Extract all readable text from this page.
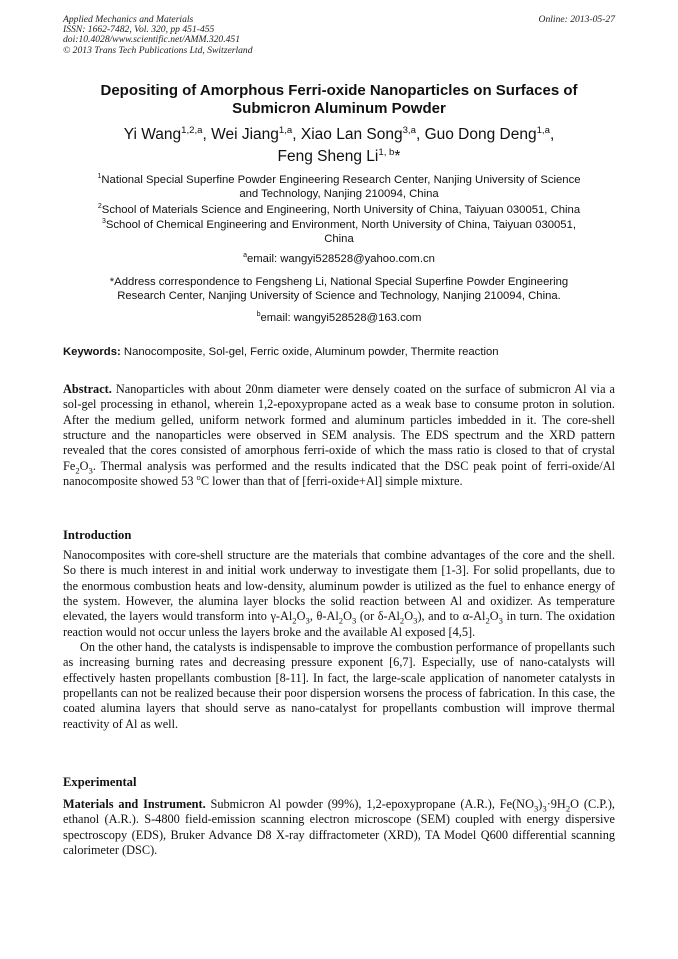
Applied Mechanics and Materials
ISSN: 1662-7482, Vol. 320, pp 451-455
doi:10.4028/www.scientific.net/AMM.320.451
© 2013 Trans Tech Publications Ltd, Switzerland
Online: 2013-05-27
Depositing of Amorphous Ferri-oxide Nanoparticles on Surfaces of
Submicron Aluminum Powder
Yi Wang$^{1,2,a}$, Wei Jiang$^{1,a}$, Xiao Lan Song$^{3,a}$, Guo Dong Deng$^{1,a}$,
Feng Sheng Li$^{1, b}$*
$^1$National Special Superfine Powder Engineering Research Center, Nanjing University of Science
and Technology, Nanjing 210094, China
$^2$School of Materials Science and Engineering, North University of China, Taiyuan 030051, China
$^3$School of Chemical Engineering and Environment, North University of China, Taiyuan 030051,
China
$^a$email: wangyi528528@yahoo.com.cn
*Address correspondence to Fengsheng Li, National Special Superfine Powder Engineering
Research Center, Nanjing University of Science and Technology, Nanjing 210094, China.
$^b$email: wangyi528528@163.com
Keywords: Nanocomposite, Sol-gel, Ferric oxide, Aluminum powder, Thermite reaction
Abstract. Nanoparticles with about 20nm diameter were densely coated on the surface of submicron Al via a sol-gel processing in ethanol, wherein 1,2-epoxypropane acted as a weak base to consume proton in solution. After the medium gelled, uniform network formed and aluminum particles imbedded in it. The core-shell structure and the nanoparticles were observed in SEM analysis. The EDS spectrum and the XRD pattern revealed that the cores consisted of amorphous ferri-oxide of which the mass ratio is closed to that of crystal $Fe_2O_3$. Thermal analysis was performed and the results indicated that the DSC peak point of ferri-oxide/Al nanocomposite showed 53 $^o$C lower than that of [ferri-oxide+Al] simple mixture.
Introduction
Nanocomposites with core-shell structure are the materials that combine advantages of the core and the shell. So there is much interest in and initial work underway to investigate them [1-3]. For solid propellants, due to the enormous combustion heats and low-density, aluminum powder is utilized as the fuel to enhance energy of the system. However, the alumina layer blocks the solid reaction between Al and oxidizer. As temperature elevated, the layers would transform into $\gamma-Al_2O_3$, $\theta-Al_2O_3$ (or $\delta-Al_2O_3$), and to $\alpha-Al_2O_3$ in turn. The oxidation reaction would not occur unless the layers broke and the available Al exposed [4,5].
On the other hand, the catalysts is indispensable to improve the combustion performance of propellants such as increasing burning rates and decreasing pressure exponent [6,7]. Especially, use of nano-catalysts will effectively hasten propellants combustion [8-11]. In fact, the large-scale application of nanometer catalysts in propellants can not be realized because their poor dispersion worsens the process of fabrication. In this case, the coated alumina layers that should serve as nano-catalyst for propellants combustion will improve thermal reactivity of Al as well.
Experimental
Materials and Instrument. Submicron Al powder (99%), 1,2-epoxypropane (A.R.), $Fe(NO_3)_3\cdot 9H_2O$ (C.P.), ethanol (A.R.). S-4800 field-emission scanning electron microscope (SEM) coupled with energy dispersive spectroscopy (EDS), Bruker Advance D8 X-ray diffractometer (XRD), TA Model Q600 differential scanning calorimeter (DSC).
